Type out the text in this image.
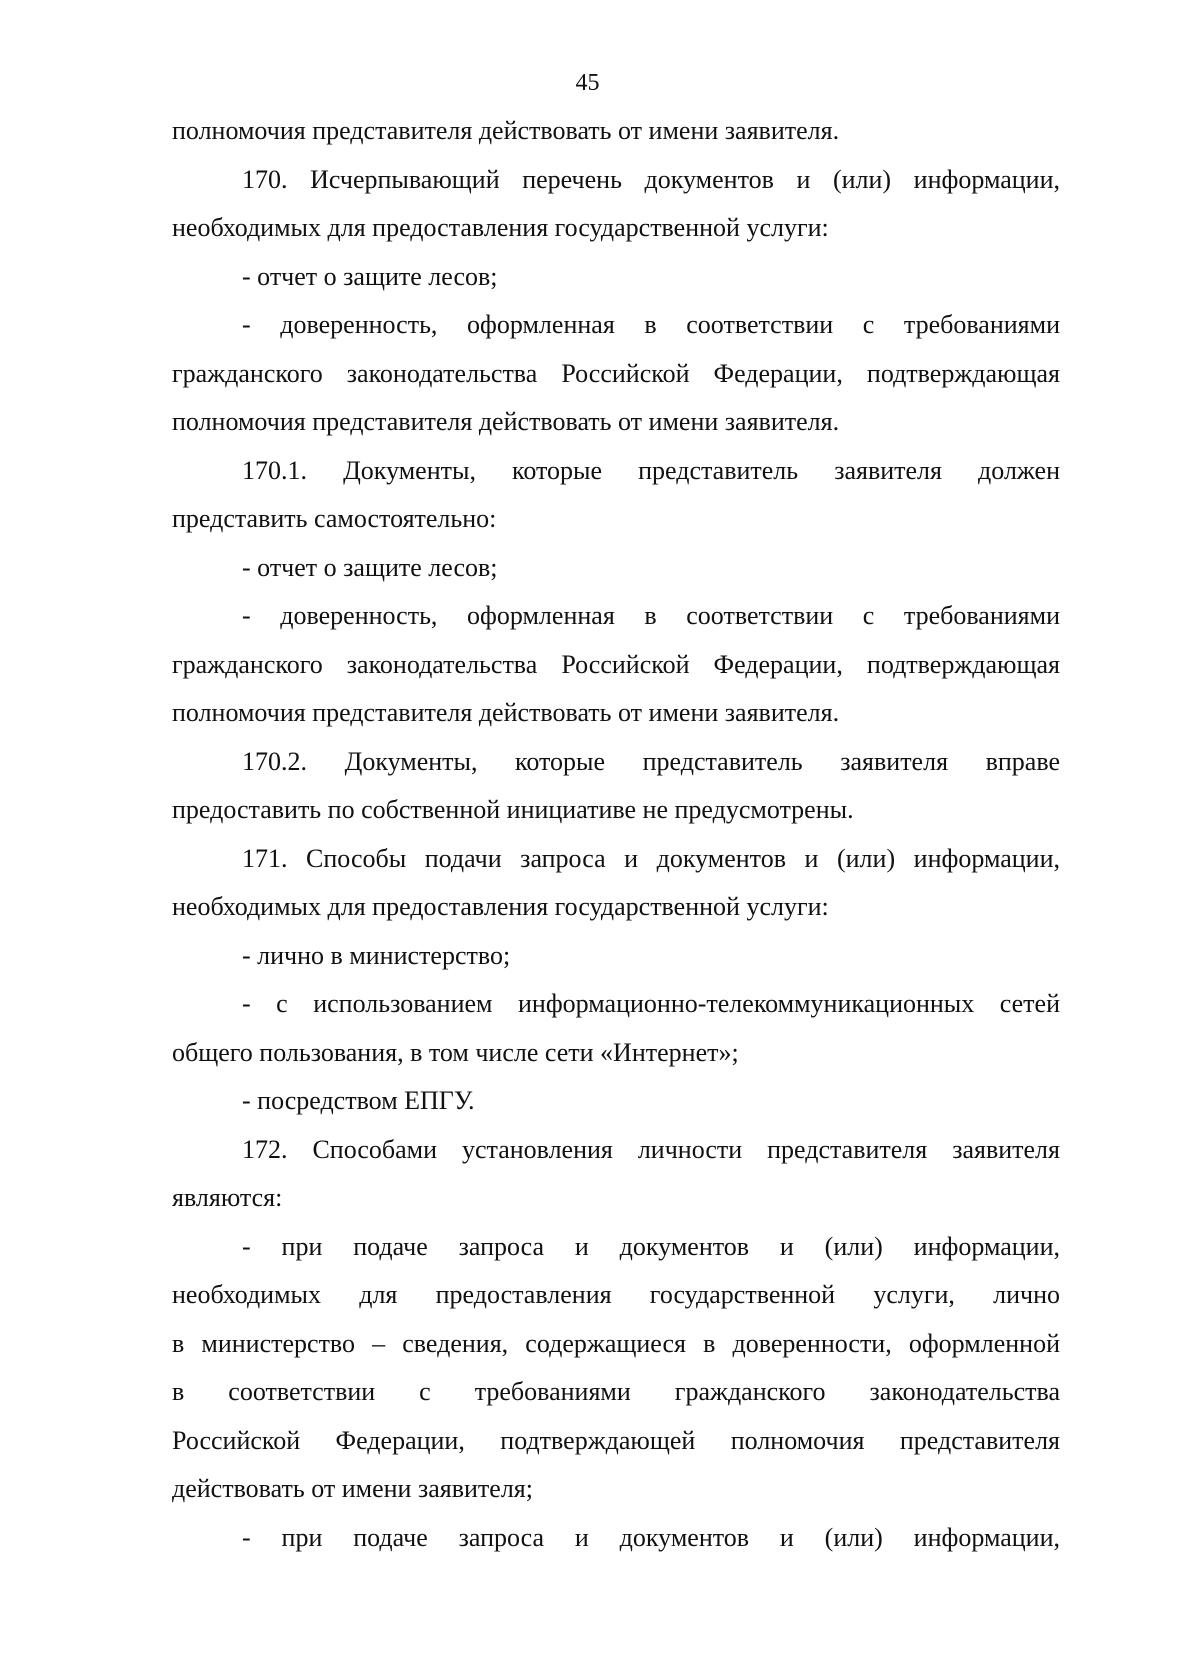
45
полномочия представителя действовать от имени заявителя.
170. Исчерпывающий перечень документов и (или) информации,
необходимых для предоставления государственной услуги:
- отчет о защите лесов;
- доверенность, оформленная в соответствии с требованиями
гражданского законодательства Российской Федерации, подтверждающая
полномочия представителя действовать от имени заявителя.
170.1. Документы, которые представитель заявителя должен
представить самостоятельно:
- отчет о защите лесов;
- доверенность, оформленная в соответствии с требованиями
гражданского законодательства Российской Федерации, подтверждающая
полномочия представителя действовать от имени заявителя.
170.2. Документы, которые представитель заявителя вправе
предоставить по собственной инициативе не предусмотрены.
171. Способы подачи запроса и документов и (или) информации,
необходимых для предоставления государственной услуги:
- лично в министерство;
- с использованием информационно-телекоммуникационных сетей
общего пользования, в том числе сети «Интернет»;
- посредством ЕПГУ.
172. Способами установления личности представителя заявителя
являются:
- при подаче запроса и документов и (или) информации,
необходимых для предоставления государственной услуги, лично
в министерство – сведения, содержащиеся в доверенности, оформленной
в соответствии с требованиями гражданского законодательства
Российской Федерации, подтверждающей полномочия представителя
действовать от имени заявителя;
- при подаче запроса и документов и (или) информации,
